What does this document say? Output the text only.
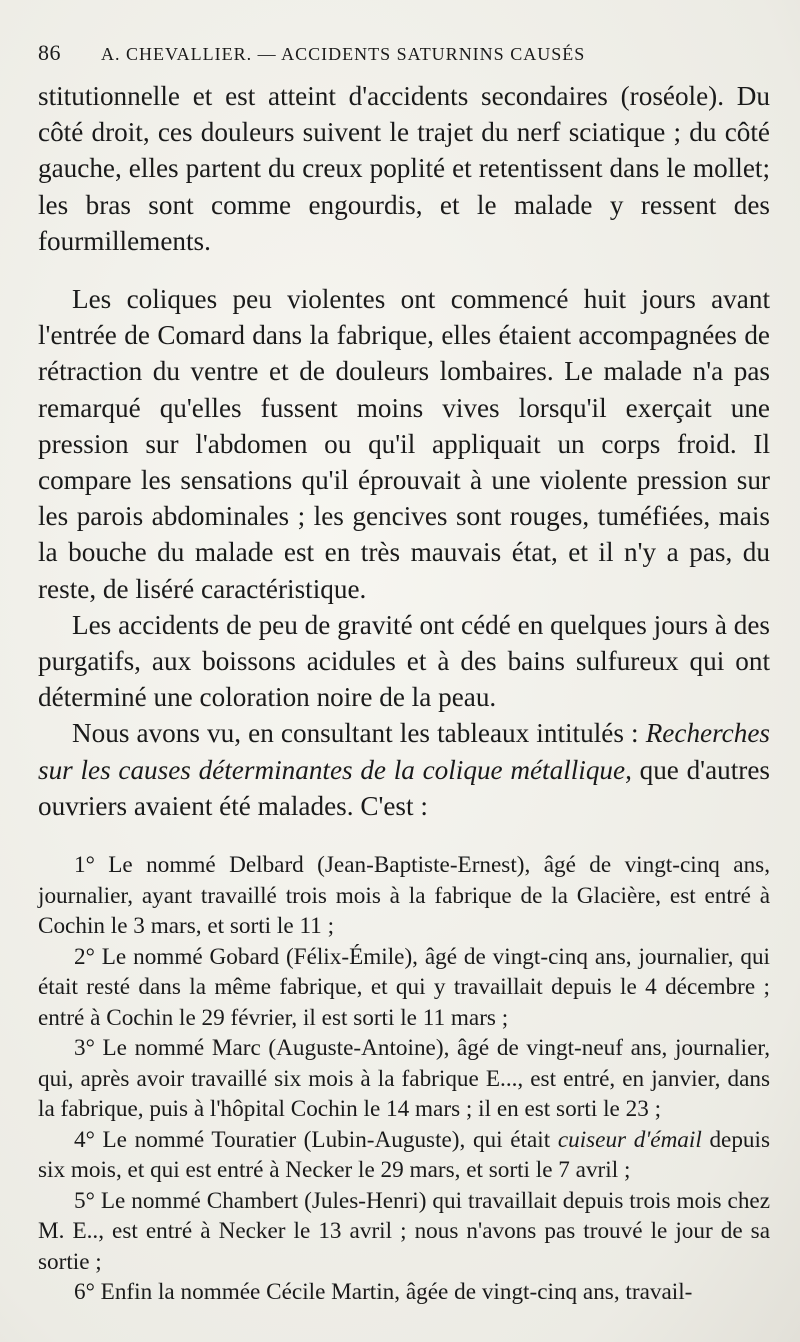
86 A. CHEVALLIER. — ACCIDENTS SATURNINS CAUSÉS

stitutionnelle et est atteint d'accidents secondaires (roséole). Du côté droit, ces douleurs suivent le trajet du nerf sciatique ; du côté gauche, elles partent du creux poplité et retentissent dans le mollet; les bras sont comme engourdis, et le malade y ressent des fourmillements.

Les coliques peu violentes ont commencé huit jours avant l'entrée de Comard dans la fabrique, elles étaient accompagnées de rétraction du ventre et de douleurs lombaires. Le malade n'a pas remarqué qu'elles fussent moins vives lorsqu'il exerçait une pression sur l'abdomen ou qu'il appliquait un corps froid. Il compare les sensations qu'il éprouvait à une violente pression sur les parois abdominales ; les gencives sont rouges, tuméfiées, mais la bouche du malade est en très mauvais état, et il n'y a pas, du reste, de liséré caractéristique.

Les accidents de peu de gravité ont cédé en quelques jours à des purgatifs, aux boissons acidules et à des bains sulfureux qui ont déterminé une coloration noire de la peau.

Nous avons vu, en consultant les tableaux intitulés : Recherches sur les causes déterminantes de la colique métallique, que d'autres ouvriers avaient été malades. C'est :

1° Le nommé Delbard (Jean-Baptiste-Ernest), âgé de vingt-cinq ans, journalier, ayant travaillé trois mois à la fabrique de la Glacière, est entré à Cochin le 3 mars, et sorti le 11 ;

2° Le nommé Gobard (Félix-Émile), âgé de vingt-cinq ans, journalier, qui était resté dans la même fabrique, et qui y travaillait depuis le 4 décembre ; entré à Cochin le 29 février, il est sorti le 11 mars ;

3° Le nommé Marc (Auguste-Antoine), âgé de vingt-neuf ans, journalier, qui, après avoir travaillé six mois à la fabrique E..., est entré, en janvier, dans la fabrique, puis à l'hôpital Cochin le 14 mars ; il en est sorti le 23 ;

4° Le nommé Touratier (Lubin-Auguste), qui était cuiseur d'émail depuis six mois, et qui est entré à Necker le 29 mars, et sorti le 7 avril ;

5° Le nommé Chambert (Jules-Henri) qui travaillait depuis trois mois chez M. E.., est entré à Necker le 13 avril ; nous n'avons pas trouvé le jour de sa sortie ;

6° Enfin la nommée Cécile Martin, âgée de vingt-cinq ans, travail-
